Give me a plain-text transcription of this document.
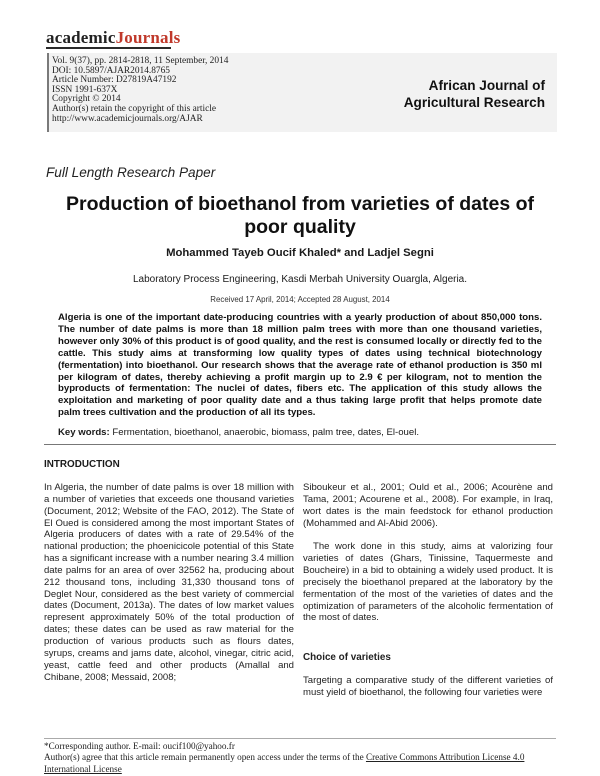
academicJournals
Vol. 9(37), pp. 2814-2818, 11 September, 2014
DOI: 10.5897/AJAR2014.8765
Article Number: D27819A47192
ISSN 1991-637X
Copyright © 2014
Author(s) retain the copyright of this article
http://www.academicjournals.org/AJAR
African Journal of Agricultural Research
Full Length Research Paper
Production of bioethanol from varieties of dates of poor quality
Mohammed Tayeb Oucif Khaled* and Ladjel Segni
Laboratory Process Engineering, Kasdi Merbah University Ouargla, Algeria.
Received 17 April, 2014; Accepted 28 August, 2014
Algeria is one of the important date-producing countries with a yearly production of about 850,000 tons. The number of date palms is more than 18 million palm trees with more than one thousand varieties, however only 30% of this product is of good quality, and the rest is consumed locally or directly fed to the cattle. This study aims at transforming low quality types of dates using technical biotechnology (fermentation) into bioethanol. Our research shows that the average rate of ethanol production is 350 ml per kilogram of dates, thereby achieving a profit margin up to 2.9 € per kilogram, not to mention the byproducts of fermentation: The nuclei of dates, fibers etc. The application of this study allows the exploitation and marketing of poor quality date and a thus taking large profit that helps promote date palm trees cultivation and the production of all its types.
Key words: Fermentation, bioethanol, anaerobic, biomass, palm tree, dates, El-ouel.
INTRODUCTION

In Algeria, the number of date palms is over 18 million with a number of varieties that exceeds one thousand varieties (Document, 2012; Website of the FAO, 2012). The State of El Oued is considered among the most important States of Algeria producers of dates with a rate of 29.54% of the national production; the phoenicicole potential of this State has a significant increase with a number nearing 3.4 million date palms for an area of over 32562 ha, producing about 212 thousand tons, including 31,330 thousand tons of Deglet Nour, considered as the best variety of commercial dates (Document, 2013a). The dates of low market values represent approximately 50% of the total production of dates; these dates can be used as raw material for the production of various products such as flours dates, syrups, creams and jams date, alcohol, vinegar, citric acid, yeast, cattle feed and other products (Amallal and Chibane, 2008; Messaid, 2008;

Siboukeur et al., 2001; Ould et al., 2006; Acourène and Tama, 2001; Acourene et al., 2008). For example, in Iraq, wort dates is the main feedstock for ethanol production (Mohammed and Al-Abid 2006).

The work done in this study, aims at valorizing four varieties of dates (Ghars, Tinissine, Taquermeste and Boucheire) in a bid to obtaining a widely used product. It is precisely the bioethanol prepared at the laboratory by the fermentation of the most of the varieties of dates and the optimization of parameters of the alcoholic fermentation of the most of dates.

Choice of varieties

Targeting a comparative study of the different varieties of must yield of bioethanol, the following four varieties were

*Corresponding author. E-mail: oucif100@yahoo.fr
Author(s) agree that this article remain permanently open access under the terms of the Creative Commons Attribution License 4.0 International License
